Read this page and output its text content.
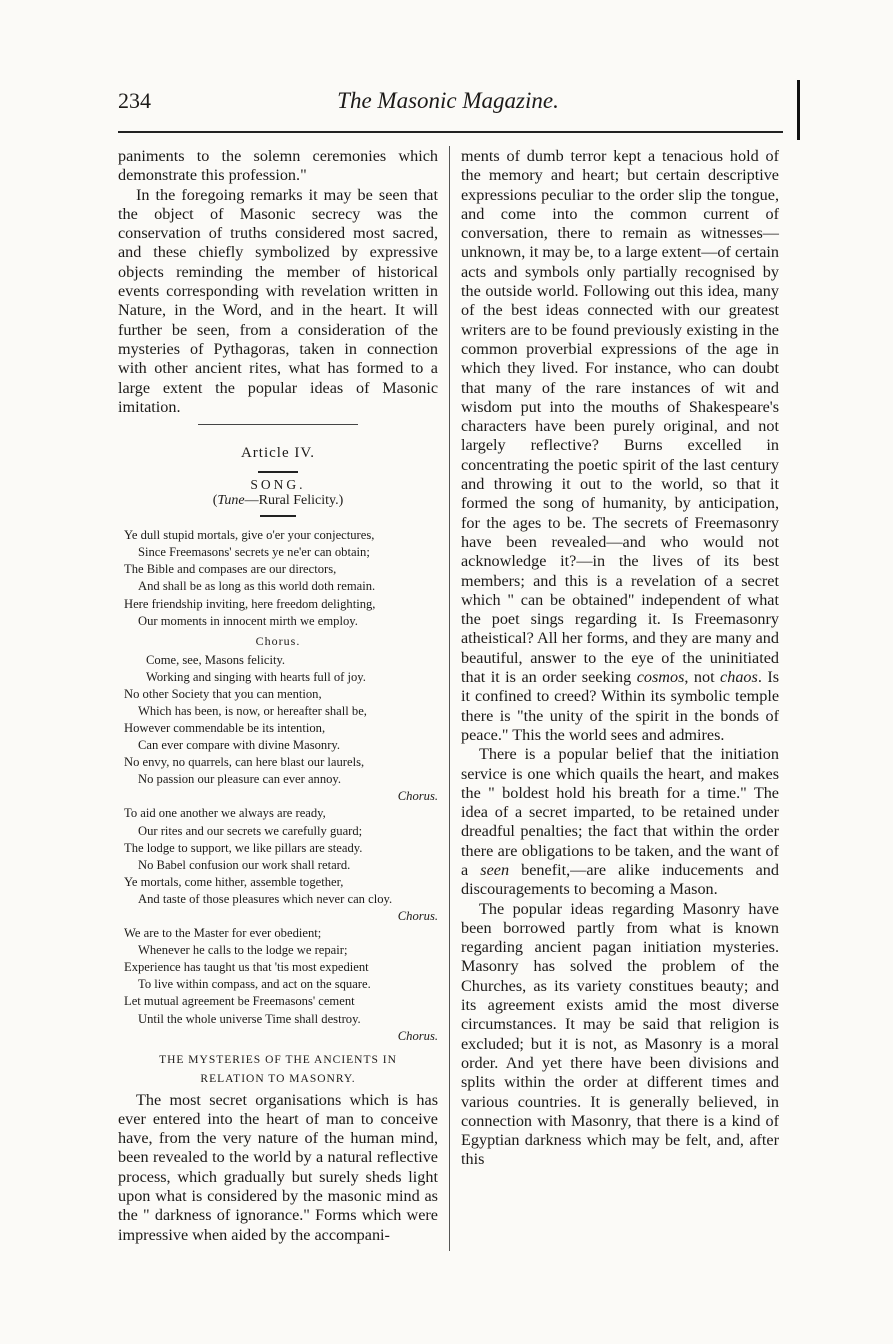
234	The Masonic Magazine.

paniments to the solemn ceremonies which demonstrate this profession."

In the foregoing remarks it may be seen that the object of Masonic secrecy was the conservation of truths considered most sacred, and these chiefly symbolized by expressive objects reminding the member of historical events corresponding with revelation written in Nature, in the Word, and in the heart. It will further be seen, from a consideration of the mysteries of Pythagoras, taken in connection with other ancient rites, what has formed to a large extent the popular ideas of Masonic imitation.

Article IV.
SONG.
(Tune—Rural Felicity.)
Ye dull stupid mortals, give o'er your conjectures,
Since Freemasons' secrets ye ne'er can obtain;
The Bible and compases are our directors,
And shall be as long as this world doth remain.
Here friendship inviting, here freedom delighting,
Our moments in innocent mirth we employ.
Chorus.
Come, see, Masons felicity.
Working and singing with hearts full of joy.
No other Society that you can mention,
Which has been, is now, or hereafter shall be,
However commendable be its intention,
Can ever compare with divine Masonry.
No envy, no quarrels, can here blast our laurels,
No passion our pleasure can ever annoy.
Chorus.
To aid one another we always are ready,
Our rites and our secrets we carefully guard;
The lodge to support, we like pillars are steady.
No Babel confusion our work shall retard.
Ye mortals, come hither, assemble together,
And taste of those pleasures which never can cloy.
Chorus.
We are to the Master for ever obedient;
Whenever he calls to the lodge we repair;
Experience has taught us that 'tis most expedient
To live within compass, and act on the square.
Let mutual agreement be Freemasons' cement
Until the whole universe Time shall destroy.
Chorus.
THE MYSTERIES OF THE ANCIENTS IN
RELATION TO MASONRY.

The most secret organisations which is has ever entered into the heart of man to conceive have, from the very nature of the human mind, been revealed to the world by a natural reflective process, which gradually but surely sheds light upon what is considered by the masonic mind as the " darkness of ignorance." Forms which were impressive when aided by the accompani-

ments of dumb terror kept a tenacious hold of the memory and heart; but certain descriptive expressions peculiar to the order slip the tongue, and come into the common current of conversation, there to remain as witnesses—unknown, it may be, to a large extent—of certain acts and symbols only partially recognised by the outside world. Following out this idea, many of the best ideas connected with our greatest writers are to be found previously existing in the common proverbial expressions of the age in which they lived. For instance, who can doubt that many of the rare instances of wit and wisdom put into the mouths of Shakespeare's characters have been purely original, and not largely reflective? Burns excelled in concentrating the poetic spirit of the last century and throwing it out to the world, so that it formed the song of humanity, by anticipation, for the ages to be. The secrets of Freemasonry have been revealed—and who would not acknowledge it?—in the lives of its best members; and this is a revelation of a secret which " can be obtained" independent of what the poet sings regarding it. Is Freemasonry atheistical? All her forms, and they are many and beautiful, answer to the eye of the uninitiated that it is an order seeking cosmos, not chaos. Is it confined to creed? Within its symbolic temple there is "the unity of the spirit in the bonds of peace." This the world sees and admires.

There is a popular belief that the initiation service is one which quails the heart, and makes the " boldest hold his breath for a time." The idea of a secret imparted, to be retained under dreadful penalties; the fact that within the order there are obligations to be taken, and the want of a seen benefit,—are alike inducements and discouragements to becoming a Mason.

The popular ideas regarding Masonry have been borrowed partly from what is known regarding ancient pagan initiation mysteries. Masonry has solved the problem of the Churches, as its variety constitues beauty; and its agreement exists amid the most diverse circumstances. It may be said that religion is excluded; but it is not, as Masonry is a moral order. And yet there have been divisions and splits within the order at different times and various countries. It is generally believed, in connection with Masonry, that there is a kind of Egyptian darkness which may be felt, and, after this
